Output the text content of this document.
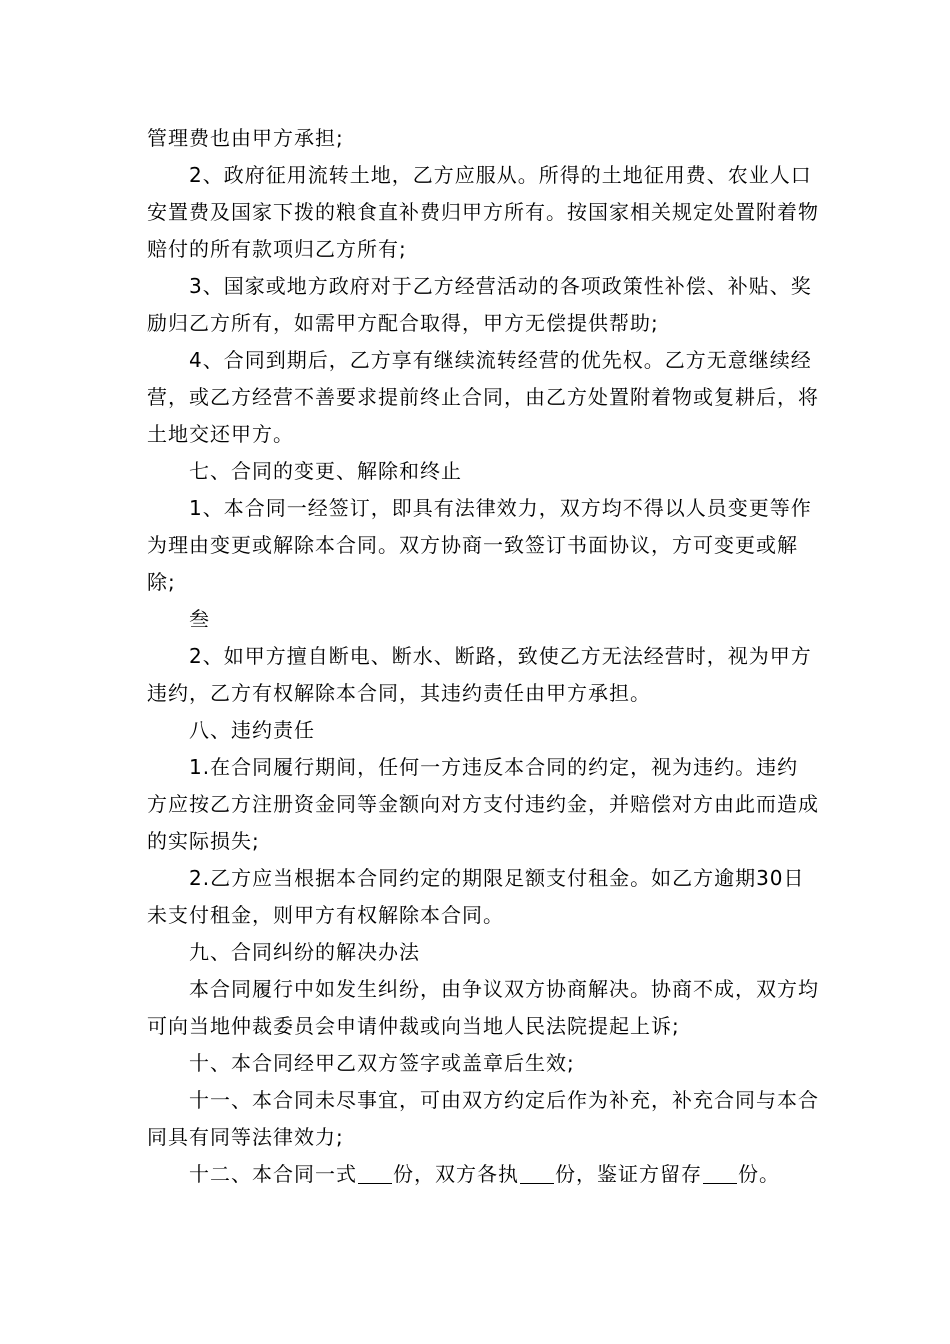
管理费也由甲方承担;

2、政府征用流转土地，乙方应服从。所得的土地征用费、农业人口安置费及国家下拨的粮食直补费归甲方所有。按国家相关规定处置附着物赔付的所有款项归乙方所有;

3、国家或地方政府对于乙方经营活动的各项政策性补偿、补贴、奖励归乙方所有，如需甲方配合取得，甲方无偿提供帮助;

4、合同到期后，乙方享有继续流转经营的优先权。乙方无意继续经营，或乙方经营不善要求提前终止合同，由乙方处置附着物或复耕后，将土地交还甲方。

七、合同的变更、解除和终止

1、本合同一经签订，即具有法律效力，双方均不得以人员变更等作为理由变更或解除本合同。双方协商一致签订书面协议，方可变更或解除;

叁

2、如甲方擅自断电、断水、断路，致使乙方无法经营时，视为甲方违约，乙方有权解除本合同，其违约责任由甲方承担。

八、违约责任

1.在合同履行期间，任何一方违反本合同的约定，视为违约。违约方应按乙方注册资金同等金额向对方支付违约金，并赔偿对方由此而造成的实际损失;

2.乙方应当根据本合同约定的期限足额支付租金。如乙方逾期30日未支付租金，则甲方有权解除本合同。

九、合同纠纷的解决办法

本合同履行中如发生纠纷，由争议双方协商解决。协商不成，双方均可向当地仲裁委员会申请仲裁或向当地人民法院提起上诉;

十、本合同经甲乙双方签字或盖章后生效;

十一、本合同未尽事宜，可由双方约定后作为补充，补充合同与本合同具有同等法律效力;

十二、本合同一式 份，双方各执 份，鉴证方留存 份。
